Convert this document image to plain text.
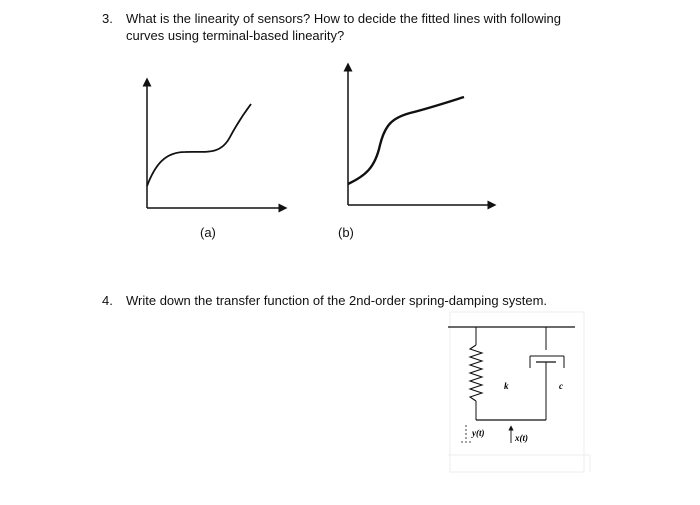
3. What is the linearity of sensors? How to decide the fitted lines with following
curves using terminal-based linearity?
k	c
y(t)	x(t)
(a)	(b)
4. Write down the transfer function of the 2nd-order spring-damping system.
